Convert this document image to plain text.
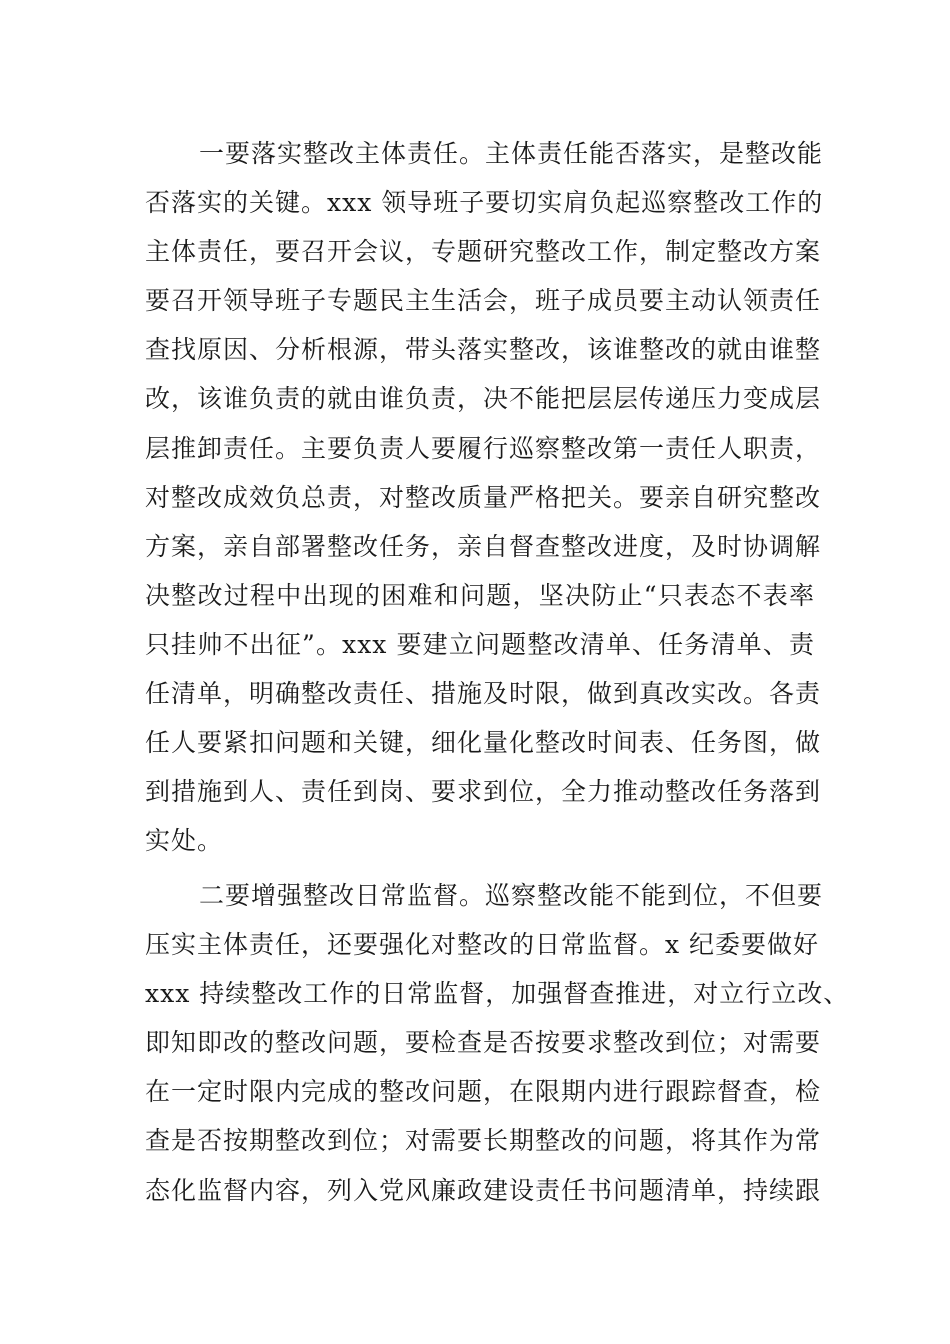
一要落实整改主体责任。主体责任能否落实，是整改能
否落实的关键。xxx 领导班子要切实肩负起巡察整改工作的
主体责任，要召开会议，专题研究整改工作，制定整改方案
要召开领导班子专题民主生活会，班子成员要主动认领责任
查找原因、分析根源，带头落实整改，该谁整改的就由谁整
改，该谁负责的就由谁负责，决不能把层层传递压力变成层
层推卸责任。主要负责人要履行巡察整改第一责任人职责，
对整改成效负总责，对整改质量严格把关。要亲自研究整改
方案，亲自部署整改任务，亲自督查整改进度，及时协调解
决整改过程中出现的困难和问题，坚决防止“只表态不表率
只挂帅不出征”。xxx 要建立问题整改清单、任务清单、责
任清单，明确整改责任、措施及时限，做到真改实改。各责
任人要紧扣问题和关键，细化量化整改时间表、任务图，做
到措施到人、责任到岗、要求到位，全力推动整改任务落到
实处。
二要增强整改日常监督。巡察整改能不能到位，不但要
压实主体责任，还要强化对整改的日常监督。x 纪委要做好
xxx 持续整改工作的日常监督，加强督查推进，对立行立改、
即知即改的整改问题，要检查是否按要求整改到位；对需要
在一定时限内完成的整改问题，在限期内进行跟踪督查，检
查是否按期整改到位；对需要长期整改的问题，将其作为常
态化监督内容，列入党风廉政建设责任书问题清单，持续跟
